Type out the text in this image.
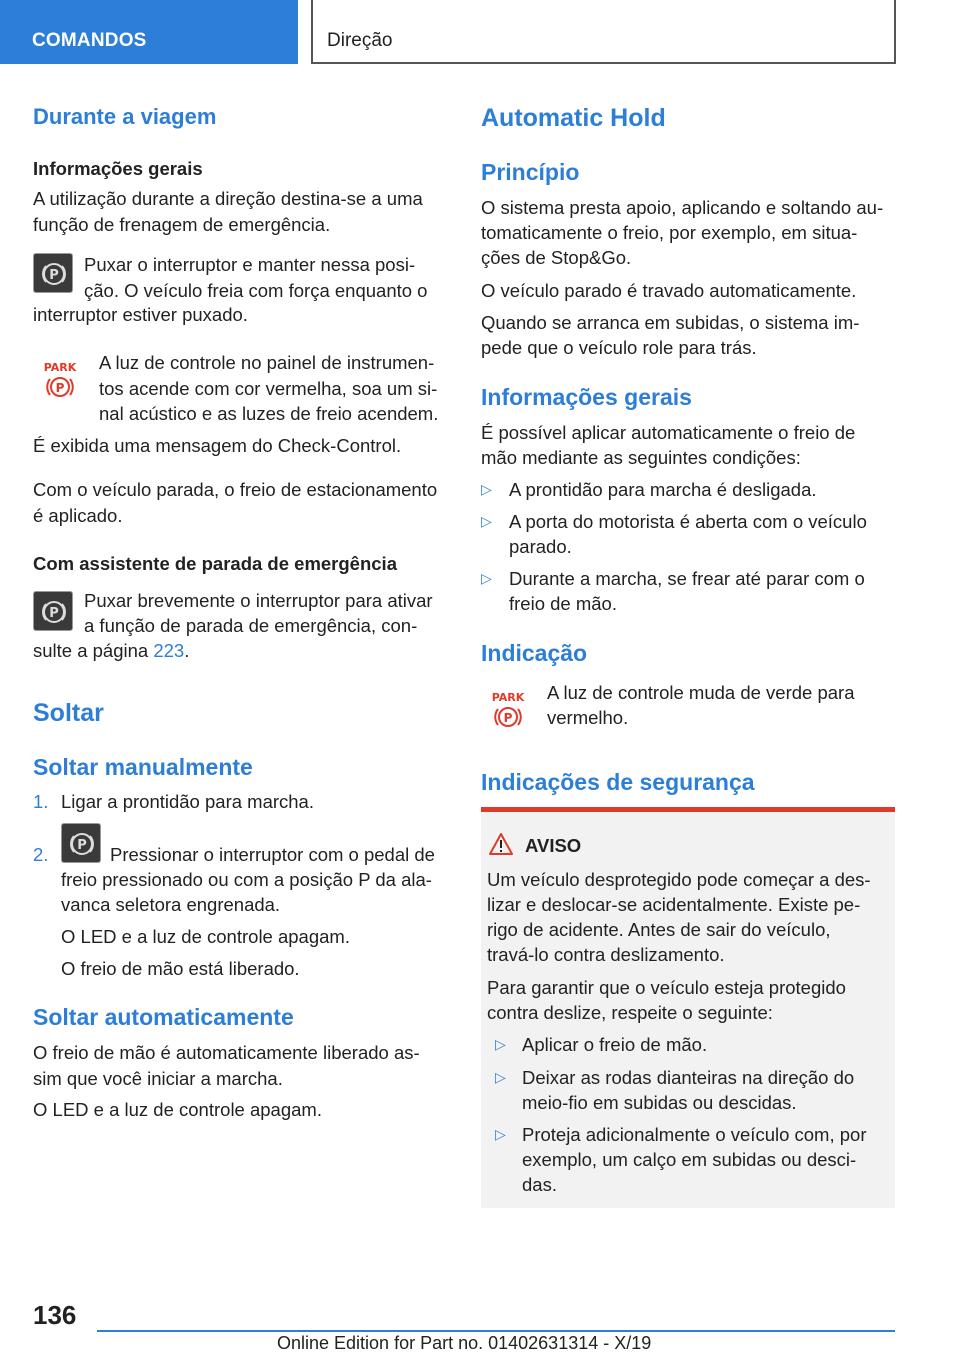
COMANDOS	Direção
Durante a viagem
Informações gerais
A utilização durante a direção destina-se a uma
função de frenagem de emergência.
P
Puxar o interruptor e manter nessa posi-
ção. O veículo freia com força enquanto o
interruptor estiver puxado.
PARK
P
A luz de controle no painel de instrumen-
tos acende com cor vermelha, soa um si-
nal acústico e as luzes de freio acendem.
É exibida uma mensagem do Check-Control.
Com o veículo parada, o freio de estacionamento
é aplicado.
Com assistente de parada de emergência
P
Puxar brevemente o interruptor para ativar
a função de parada de emergência, con-
sulte a página 223.
Soltar
Soltar manualmente
1. Ligar a prontidão para marcha.
2. P Pressionar o interruptor com o pedal de
freio pressionado ou com a posição P da ala-
vanca seletora engrenada.
O LED e a luz de controle apagam.
O freio de mão está liberado.
Soltar automaticamente
O freio de mão é automaticamente liberado as-
sim que você iniciar a marcha.
O LED e a luz de controle apagam.
Automatic Hold
Princípio
O sistema presta apoio, aplicando e soltando au-
tomaticamente o freio, por exemplo, em situa-
ções de Stop&Go.
O veículo parado é travado automaticamente.
Quando se arranca em subidas, o sistema im-
pede que o veículo role para trás.
Informações gerais
É possível aplicar automaticamente o freio de
mão mediante as seguintes condições:
▷ A prontidão para marcha é desligada.
▷ A porta do motorista é aberta com o veículo
parado.
▷ Durante a marcha, se frear até parar com o
freio de mão.
Indicação
PARK
P
A luz de controle muda de verde para
vermelho.
Indicações de segurança
AVISO
Um veículo desprotegido pode começar a des-
lizar e deslocar-se acidentalmente. Existe pe-
rigo de acidente. Antes de sair do veículo,
travá-lo contra deslizamento.
Para garantir que o veículo esteja protegido
contra deslize, respeite o seguinte:
▷ Aplicar o freio de mão.
▷ Deixar as rodas dianteiras na direção do
meio-fio em subidas ou descidas.
▷ Proteja adicionalmente o veículo com, por
exemplo, um calço em subidas ou desci-
das.
136
Online Edition for Part no. 01402631314 - X/19
